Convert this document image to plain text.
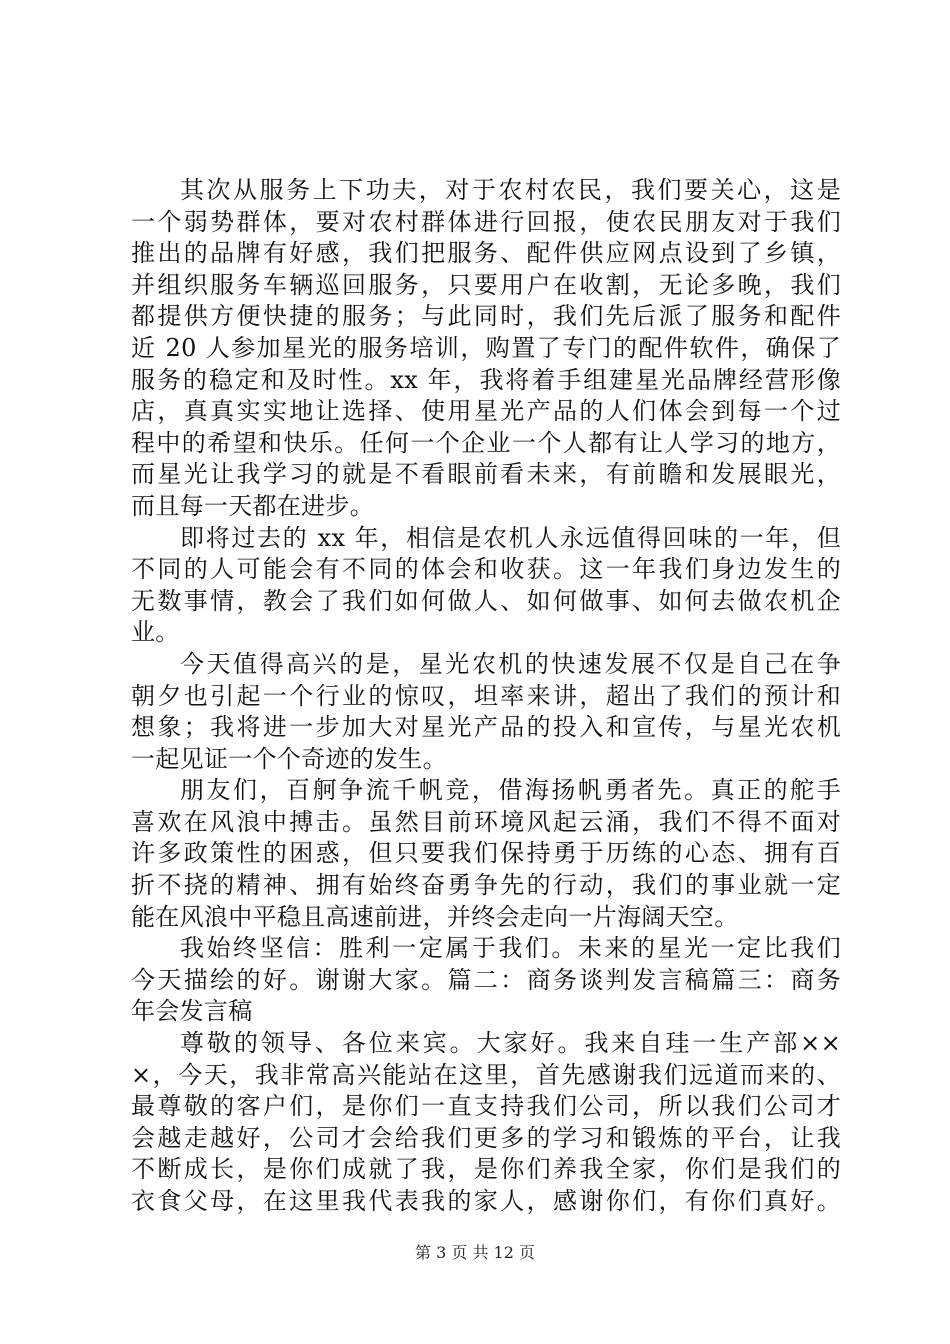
其次从服务上下功夫，对于农村农民，我们要关心，这是
一个弱势群体，要对农村群体进行回报，使农民朋友对于我们
推出的品牌有好感，我们把服务、配件供应网点设到了乡镇，
并组织服务车辆巡回服务，只要用户在收割，无论多晚，我们
都提供方便快捷的服务；与此同时，我们先后派了服务和配件
近 20 人参加星光的服务培训，购置了专门的配件软件，确保了
服务的稳定和及时性。xx 年，我将着手组建星光品牌经营形像
店，真真实实地让选择、使用星光产品的人们体会到每一个过
程中的希望和快乐。任何一个企业一个人都有让人学习的地方，
而星光让我学习的就是不看眼前看未来，有前瞻和发展眼光，
而且每一天都在进步。
即将过去的 xx 年，相信是农机人永远值得回味的一年，但
不同的人可能会有不同的体会和收获。这一年我们身边发生的
无数事情，教会了我们如何做人、如何做事、如何去做农机企
业。
今天值得高兴的是，星光农机的快速发展不仅是自己在争
朝夕也引起一个行业的惊叹，坦率来讲，超出了我们的预计和
想象；我将进一步加大对星光产品的投入和宣传，与星光农机
一起见证一个个奇迹的发生。
朋友们，百舸争流千帆竞，借海扬帆勇者先。真正的舵手
喜欢在风浪中搏击。虽然目前环境风起云涌，我们不得不面对
许多政策性的困惑，但只要我们保持勇于历练的心态、拥有百
折不挠的精神、拥有始终奋勇争先的行动，我们的事业就一定
能在风浪中平稳且高速前进，并终会走向一片海阔天空。
我始终坚信：胜利一定属于我们。未来的星光一定比我们
今天描绘的好。谢谢大家。篇二：商务谈判发言稿篇三：商务
年会发言稿
尊敬的领导、各位来宾。大家好。我来自珪一生产部××
×，今天，我非常高兴能站在这里，首先感谢我们远道而来的、
最尊敬的客户们，是你们一直支持我们公司，所以我们公司才
会越走越好，公司才会给我们更多的学习和锻炼的平台，让我
不断成长，是你们成就了我，是你们养我全家，你们是我们的
衣食父母，在这里我代表我的家人，感谢你们，有你们真好。
第 3 页 共 12 页
